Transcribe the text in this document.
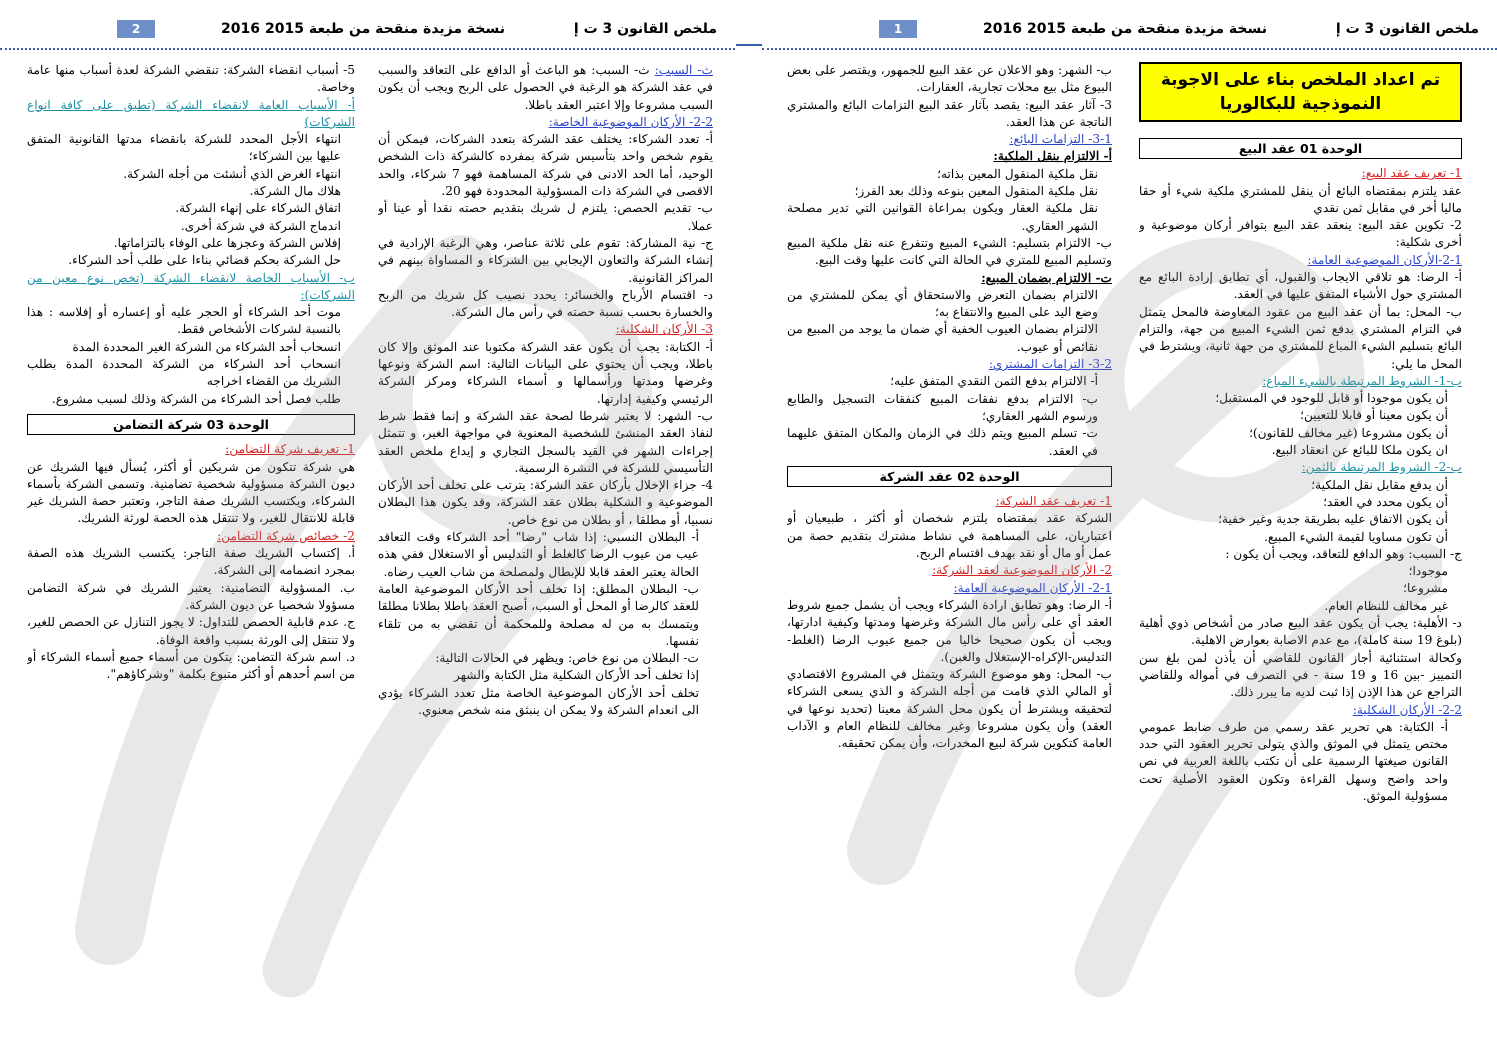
ملخص القانون 3 ت إ
نسخة مزيدة منقحة من طبعة 2015
2016
2

ث- السبب: ث- السبب: هو الباعث أو الدافع على التعاقد والسبب في عقد الشركة هو الرغبة في الحصول على الربح ويجب أن يكون السبب مشروعا وإلا اعتبر العقد باطلا.

2-2- الأركان الموضوعية الخاصة:

أ- تعدد الشركاء: يختلف عقد الشركة بتعدد الشركات، فيمكن أن يقوم شخص واحد بتأسيس شركة بمفرده كالشركة ذات الشخص الوحيد، أما الحد الادنى في شركة المساهمة فهو 7 شركاء، والحد الاقصى في الشركة ذات المسؤولية المحدودة فهو 20.

ب- تقديم الحصص: يلتزم ل شريك بتقديم حصته نقدا أو عينا أو عملا.

ج- نية المشاركة: تقوم على ثلاثة عناصر، وهي الرغبة الإرادية في إنشاء الشركة والتعاون الإيجابي بين الشركاء و المساواة بينهم في المراكز القانونية.

د- اقتسام الأرباح والخسائر: يحدد نصيب كل شريك من الربح والخسارة بحسب نسبة حصته في رأس مال الشركة.

3- الأركان الشكلية:

أ- الكتابة: يجب أن يكون عقد الشركة مكتوبا عند الموثق وإلا كان باطلا، ويجب أن يحتوي على البيانات التالية: اسم الشركة ونوعها وغرضها ومدتها ورأسمالها و أسماء الشركاء ومركز الشركة الرئيسي وكيفية إدارتها.

ب- الشهر: لا يعتبر شرطا لصحة عقد الشركة و إنما فقط شرط لنفاذ العقد المنشئ للشخصية المعنوية في مواجهة الغير، و تتمثل إجراءات الشهر في القيد بالسجل التجاري و إيداع ملخص العقد التأسيسي للشركة في النشرة الرسمية.

4- جزاء الإخلال بأركان عقد الشركة: يترتب على تخلف أحد الأركان الموضوعية و الشكلية بطلان عقد الشركة، وقد يكون هذا البطلان نسبيا، أو مطلقا ، أو بطلان من نوع خاص.

أ- البطلان النسبي: إذا شاب "رضا" أحد الشركاء وقت التعاقد عيب من عيوب الرضا كالغلط أو التدليس أو الاستغلال ففي هذه الحالة يعتبر العقد قابلا للإبطال ولمصلحة من شاب العيب رضاه.

ب- البطلان المطلق: إذا تخلف أحد الأركان الموضوعية العامة للعقد كالرضا أو المحل أو السبب، أصبح العقد باطلا بطلانا مطلقا ويتمسك به من له مصلحة وللمحكمة أن تقضي به من تلقاء نفسها.

ت- البطلان من نوع خاص: ويظهر في الحالات التالية:

إذا تخلف أحد الأركان الشكلية مثل الكتابة والشهر

تخلف أحد الأركان الموضوعية الخاصة مثل تعدد الشركاء يؤدي الى انعدام الشركة ولا يمكن ان ينبثق منه شخص معنوي.

5- أسباب انقضاء الشركة: تنقضي الشركة لعدة أسباب منها عامة وخاصة.

أ- الأسباب العامة لانقضاء الشركة (تطبق على كافة انواع الشركات)

انتهاء الأجل المحدد للشركة بانقضاء مدتها القانونية المتفق عليها بين الشركاء؛

انتهاء الغرض الذي أنشئت من أجله الشركة.

هلاك مال الشركة.

اتفاق الشركاء على إنهاء الشركة.

اندماج الشركة في شركة أخرى.

إفلاس الشركة وعجزها على الوفاء بالتزاماتها.

حل الشركة بحكم قضائي بناءا على طلب أحد الشركاء.

ب- الأسباب الخاصة لانقضاء الشركة (تخص نوع معين من الشركات):

موت أحد الشركاء أو الحجر عليه أو إعساره أو إفلاسه : هذا بالنسبة لشركات الأشخاص فقط.

انسحاب أحد الشركاء من الشركة الغير المحددة المدة

انسحاب أحد الشركاء من الشركة المحددة المدة بطلب الشريك من القضاء اخراجه

طلب فصل أحد الشركاء من الشركة وذلك لسبب مشروع.

الوحدة 03 شركة التضامن

1- تعريف شركة التضامن:

هي شركة تتكون من شريكين أو أكثر، يُسأل فيها الشريك عن ديون الشركة مسؤولية شخصية تضامنية. وتسمى الشركة بأسماء الشركاء، ويكتسب الشريك صفة التاجر، وتعتبر حصة الشريك غير قابلة للانتقال للغير، ولا تنتقل هذه الحصة لورثة الشريك.

2- خصائص شركة التضامن:

أ. إكتساب الشريك صفة التاجر: يكتسب الشريك هذه الصفة بمجرد انضمامه إلى الشركة.

ب. المسؤولية التضامنية: يعتبر الشريك في شركة التضامن مسؤولا شخصيا عن ديون الشركة.

ج. عدم قابلية الحصص للتداول: لا يجوز التنازل عن الحصص للغير، ولا تنتقل إلى الورثة بسبب واقعة الوفاة.

د. اسم شركة التضامن: يتكون من أسماء جميع أسماء الشركاء أو من اسم أحدهم أو أكثر متبوع بكلمة "وشركاؤهم".

ملخص القانون 3 ت إ
نسخة مزيدة منقحة من طبعة 2015
2016
1
تم اعداد الملخص بناء على الاجوبة النموذجية للبكالوريا
الوحدة 01 عقد البيع

1- تعريف عقد البيع:

عقد يلتزم بمقتضاه البائع أن ينقل للمشتري ملكية شيء أو حقا ماليا أخر في مقابل ثمن نقدي

2- تكوين عقد البيع: ينعقد عقد البيع بتوافر أركان موضوعية و أخرى شكلية:

2-1-الأركان الموضوعية العامة:

أ- الرضا: هو تلاقي الايجاب والقبول، أي تطابق إرادة البائع مع المشتري حول الأشياء المتفق عليها في العقد.

ب- المحل: بما أن عقد البيع من عقود المعاوضة فالمحل يتمثل في التزام المشتري بدفع ثمن الشيء المبيع من جهة، والتزام البائع بتسليم الشيء المباع للمشتري من جهة ثانية، ويشترط في المحل ما يلي:

ب-1- الشروط المرتبطة بالشيء المباع:

أن يكون موجودا أو قابل للوجود في المستقبل؛

أن يكون معينا أو قابلا للتعيين؛

أن يكون مشروعا (غير مخالف للقانون)؛

ان يكون ملكا للبائع عن انعقاد البيع.

ب-2- الشروط المرتبطة بالثمن:

أن يدفع مقابل نقل الملكية؛

أن يكون محدد في العقد؛

أن يكون الاتفاق عليه بطريقة جدية وغير خفية؛

أن تكون مساويا لقيمة الشيء المبيع.

ج- السبب: وهو الدافع للتعاقد، ويجب أن يكون :

موجودا؛

مشروعا؛

غير مخالف للنظام العام.

د- الأهلية: يجب أن يكون عقد البيع صادر من أشخاص ذوي أهلية (بلوغ 19 سنة كاملة)، مع عدم الاصابة بعوارض الاهلية.

وكحالة استثنائية أجاز القانون للقاضي أن يأذن لمن بلغ سن التمييز -بين 16 و 19 سنة - في التصرف في أمواله وللقاضي التراجع عن هذا الإذن إذا ثبت لديه ما يبرر ذلك.

2-2- الأركان الشكلية:

أ- الكتابة: هي تحرير عقد رسمي من طرف ضابط عمومي مختص يتمثل في الموثق والذي يتولى تحرير العقود التي حدد القانون صيغتها الرسمية على أن تكتب باللغة العربية في نص واحد واضح وسهل القراءة وتكون العقود الأصلية تحت مسؤولية الموثق.

ب- الشهر: وهو الاعلان عن عقد البيع للجمهور، ويقتصر على بعض البيوع مثل بيع محلات تجارية، العقارات.

3- آثار عقد البيع: يقصد بآثار عقد البيع التزامات البائع والمشتري الناتجة عن هذا العقد.

3-1- التزامات البائع:

أ- الالتزام بنقل الملكية:

نقل ملكية المنقول المعين بذاته؛

نقل ملكية المنقول المعين بنوعه وذلك بعد الفرز؛

نقل ملكية العقار ويكون بمراعاة القوانين التي تدير مصلحة الشهر العقاري.

ب- الالتزام بتسليم: الشيء المبيع وتتفرع عنه نقل ملكية المبيع وتسليم المبيع للمتري في الحالة التي كانت عليها وقت البيع.

ت- الالتزام بضمان المبيع:

الالتزام بضمان التعرض والاستحقاق أي يمكن للمشتري من وضع اليد على المبيع والانتفاع به؛

الالتزام بضمان العيوب الخفية أي ضمان ما يوجد من المبيع من نقائص أو عيوب.

3-2- التزامات المشتري:

أ- الالتزام بدفع الثمن النقدي المتفق عليه؛

ب- الالتزام بدفع نفقات المبيع كنفقات التسجيل والطابع ورسوم الشهر العقاري؛

ت- تسلم المبيع ويتم ذلك في الزمان والمكان المتفق عليهما في العقد.

الوحدة 02 عقد الشركة

1- تعريف عقد الشركة:

الشركة عقد بمقتضاه يلتزم شخصان أو أكثر ، طبيعيان أو اعتباريان، على المساهمة في نشاط مشترك بتقديم حصة من عمل أو مال أو نقد بهدف اقتسام الربح.

2- الأركان الموضوعية لعقد الشركة:

2-1- الأركان الموضوعية العامة:

أ- الرضا: وهو تطابق ارادة الشركاء ويجب أن يشمل جميع شروط العقد أي على رأس مال الشركة وغرضها ومدتها وكيفية ادارتها، ويجب أن يكون صحيحا خاليا من جميع عيوب الرضا (الغلط-التدليس-الإكراه-الإستغلال والغبن).

ب- المحل: وهو موضوع الشركة ويتمثل في المشروع الاقتصادي أو المالي الذي قامت من أجله الشركة و الذي يسعى الشركاء لتحقيقه ويشترط أن يكون محل الشركة معينا (تحديد نوعها في العقد) وأن يكون مشروعا وغير مخالف للنظام العام و الآداب العامة كتكوين شركة لبيع المخدرات، وأن يمكن تحقيقه.
